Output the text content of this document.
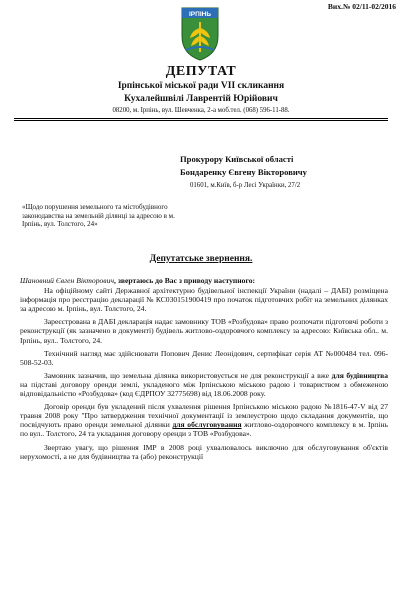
Вих.№ 02/11-02/2016
ІРПІНЬ
ДЕПУТАТ
Ірпінської міської ради VII скликання
Кухалейшвілі Лаврентій Юрійович
08200, м. Ірпінь, вул. Шевченка, 2-а моб.тел. (068) 596-11-88.
Прокурору Київської області
Бондаренку Євгену Вікторовичу
01601, м.Київ, б-р Лесі Українки, 27/2
«Щодо порушення земельного та містобудівного законодавства на земельній ділянці за адресою в м. Ірпінь, вул. Толстого, 24»
Депутатське звернення.

Шановний Євген Вікторович, звертаюсь до Вас з приводу наступного:

На офіційному сайті Державної архітектурно будівельної інспекції України (надалі – ДАБІ) розміщена інформація про реєстрацію декларації № КС030151900419 про початок підготовчих робіт на земельних ділянках за адресою м. Ірпінь, вул. Толстого, 24.

Зареєстрована в ДАБІ декларація надає замовнику ТОВ «Розбудова» право розпочати підготовчі роботи з реконструкції (як зазначено в документі) будівель житлово-оздоровчого комплексу за адресою: Київська обл.. м. Ірпінь, вул.. Толстого, 24.

Технічний нагляд має здійснювати Попович Денис Леонідович, сертифікат серія АТ №000484 тел. 096-508-52-03.

Замовник зазначив, що земельна ділянка використовується не для реконструкції а вже для будівництва на підставі договору оренди землі, укладеного між Ірпінською міською радою і товариством з обмеженою відповідальністю «Розбудова» (код ЄДРПОУ 32775698) від 18.06.2008 року.

Договір оренди був укладений після ухвалення рішення Ірпінською міською радою №1816-47-V від 27 травня 2008 року "Про затвердження технічної документації із землеустрою щодо складання документів, що посвідчують право оренди земельної ділянки для обслуговування житлово-оздоровчого комплексу в м. Ірпінь по вул.. Толстого, 24 та укладання договору оренди з ТОВ «Розбудова».

Звертаю увагу, що рішення ІМР в 2008 році ухвалювалось виключно для обслуговування об'єктів нерухомості, а не для будівництва та (або) реконструкції
